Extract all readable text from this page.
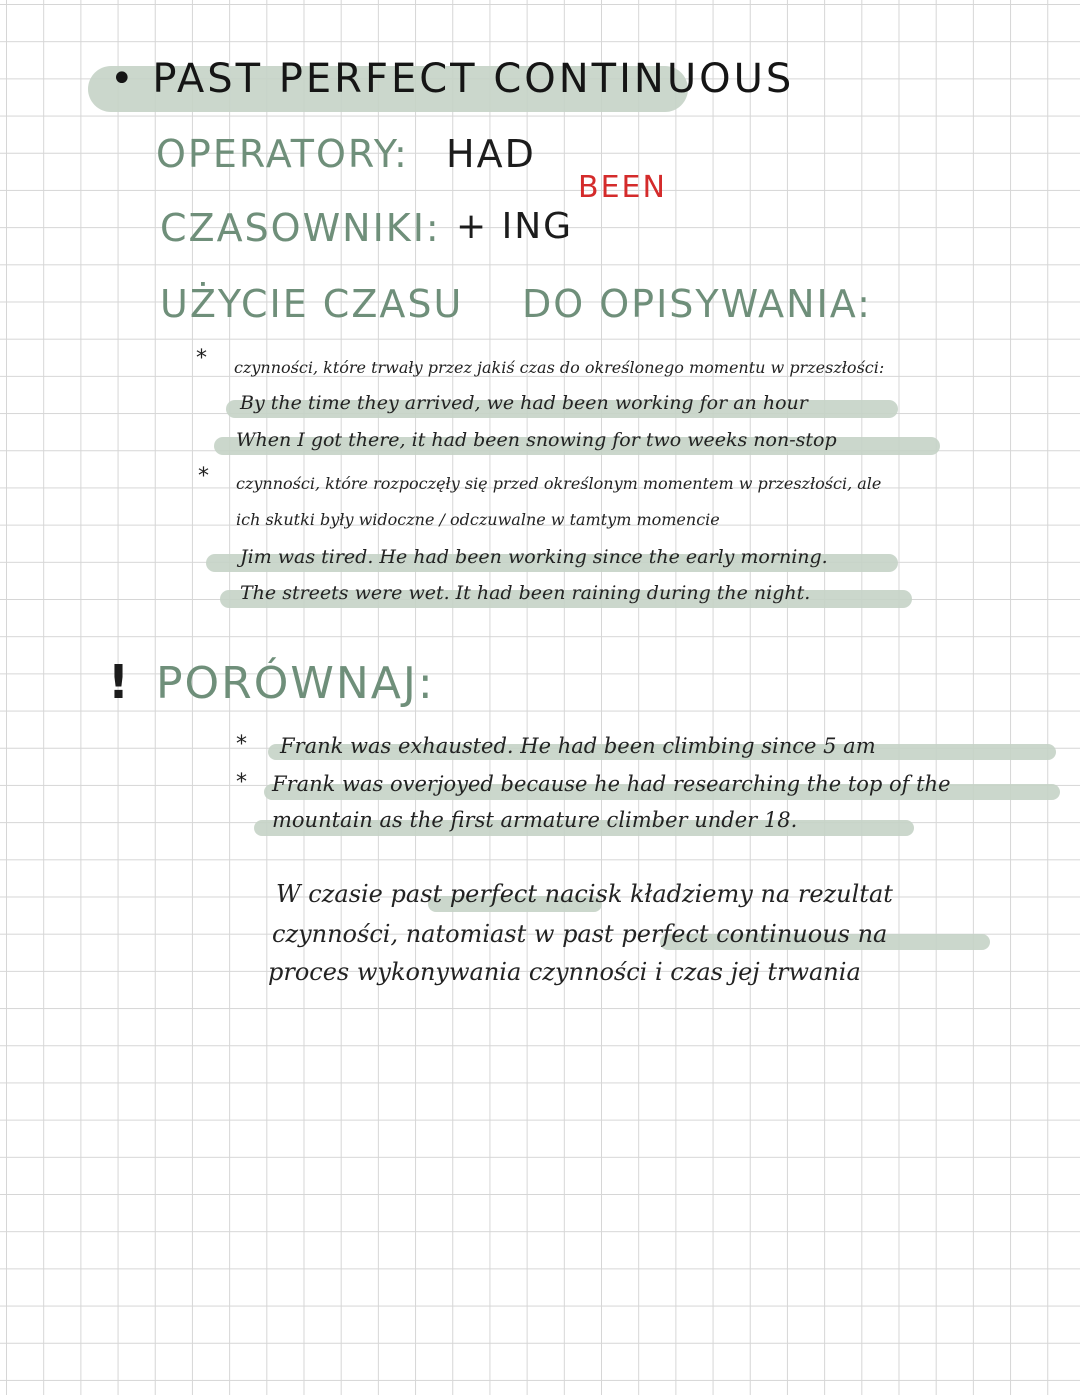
• PAST PERFECT CONTINUOUS
OPERATORY: HAD
BEEN
CZASOWNIKI: + ING
UŻYCIE CZASU DO OPISYWANIA:
* czynności, które trwały przez jakiś czas do określonego momentu w przeszłości:
By the time they arrived, we had been working for an hour
When I got there, it had been snowing for two weeks non-stop
* czynności, które rozpoczęły się przed określonym momentem w przeszłości, ale
ich skutki były widoczne / odczuwalne w tamtym momencie
Jim was tired. He had been working since the early morning.
The streets were wet. It had been raining during the night.
! PORÓWNAJ:
* Frank was exhausted. He had been climbing since 5 am
* Frank was overjoyed because he had researching the top of the
mountain as the first armature climber under 18.
W czasie past perfect nacisk kładziemy na rezultat
czynności, natomiast w past perfect continuous na
proces wykonywania czynności i czas jej trwania
